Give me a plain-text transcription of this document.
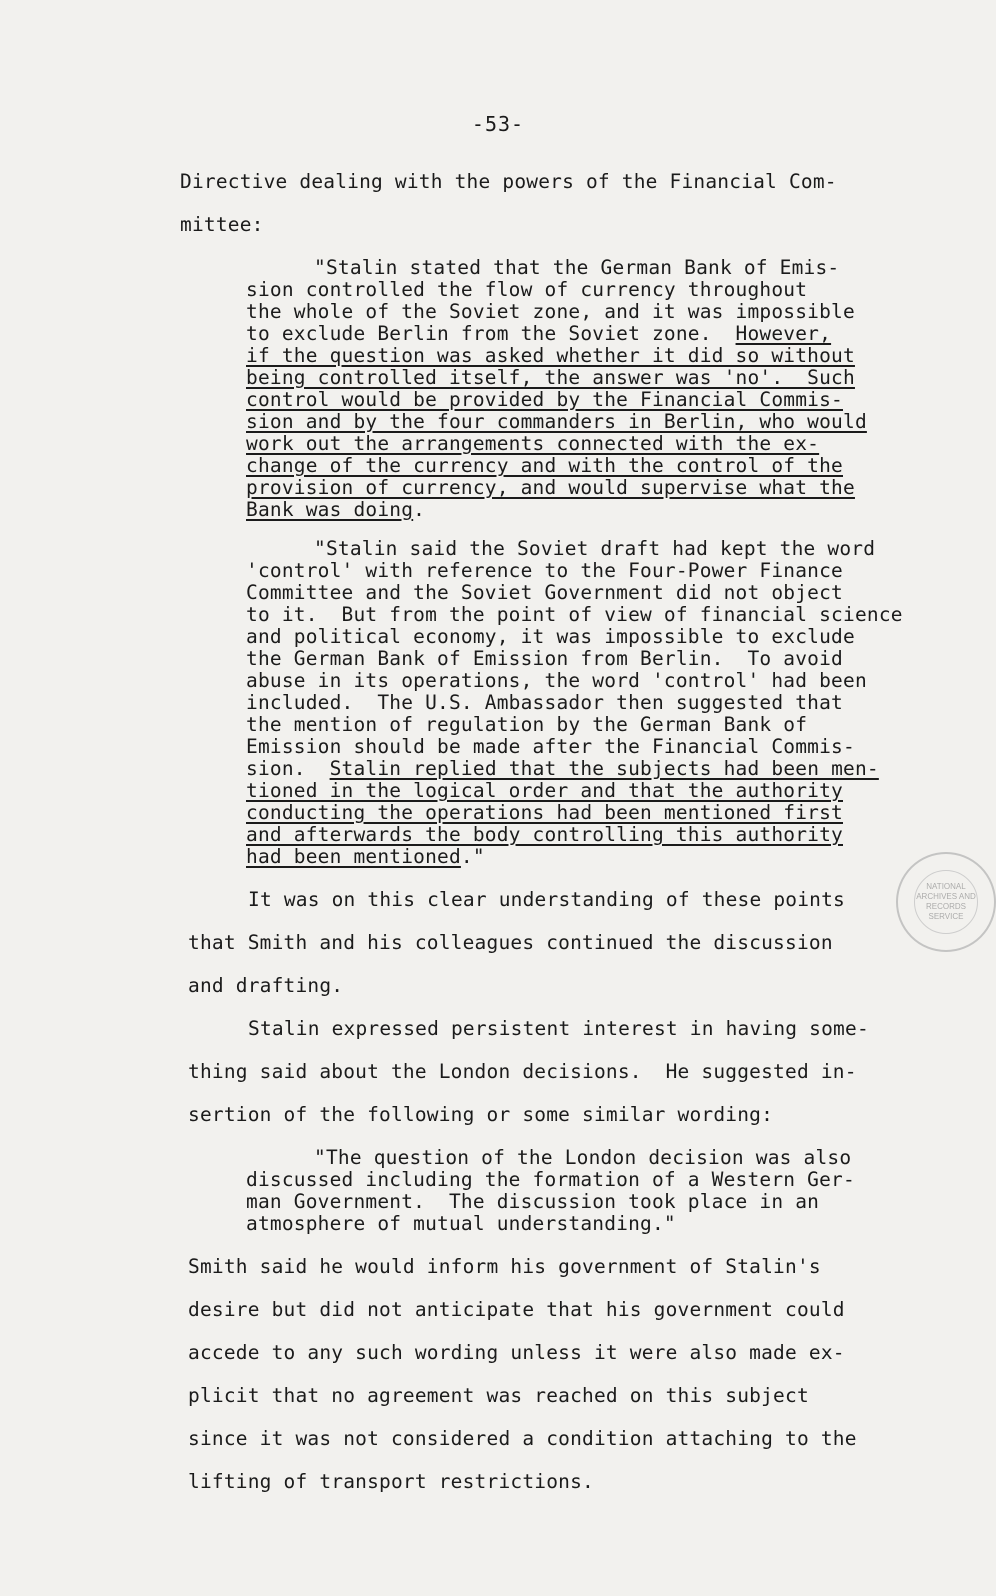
-53-
Directive dealing with the powers of the Financial Com-
mittee:
"Stalin stated that the German Bank of Emis-
sion controlled the flow of currency throughout
the whole of the Soviet zone, and it was impossible
to exclude Berlin from the Soviet zone.  However,
if the question was asked whether it did so without
being controlled itself, the answer was 'no'.  Such
control would be provided by the Financial Commis-
sion and by the four commanders in Berlin, who would
work out the arrangements connected with the ex-
change of the currency and with the control of the
provision of currency, and would supervise what the
Bank was doing.
"Stalin said the Soviet draft had kept the word
'control' with reference to the Four-Power Finance
Committee and the Soviet Government did not object
to it.  But from the point of view of financial science
and political economy, it was impossible to exclude
the German Bank of Emission from Berlin.  To avoid
abuse in its operations, the word 'control' had been
included.  The U.S. Ambassador then suggested that
the mention of regulation by the German Bank of
Emission should be made after the Financial Commis-
sion.  Stalin replied that the subjects had been men-
tioned in the logical order and that the authority
conducting the operations had been mentioned first
and afterwards the body controlling this authority
had been mentioned."
It was on this clear understanding of these points
that Smith and his colleagues continued the discussion
and drafting.
Stalin expressed persistent interest in having some-
thing said about the London decisions.  He suggested in-
sertion of the following or some similar wording:
"The question of the London decision was also
discussed including the formation of a Western Ger-
man Government.  The discussion took place in an
atmosphere of mutual understanding."
Smith said he would inform his government of Stalin's
desire but did not anticipate that his government could
accede to any such wording unless it were also made ex-
plicit that no agreement was reached on this subject
since it was not considered a condition attaching to the
lifting of transport restrictions.
NATIONAL
ARCHIVES AND
RECORDS
SERVICE
